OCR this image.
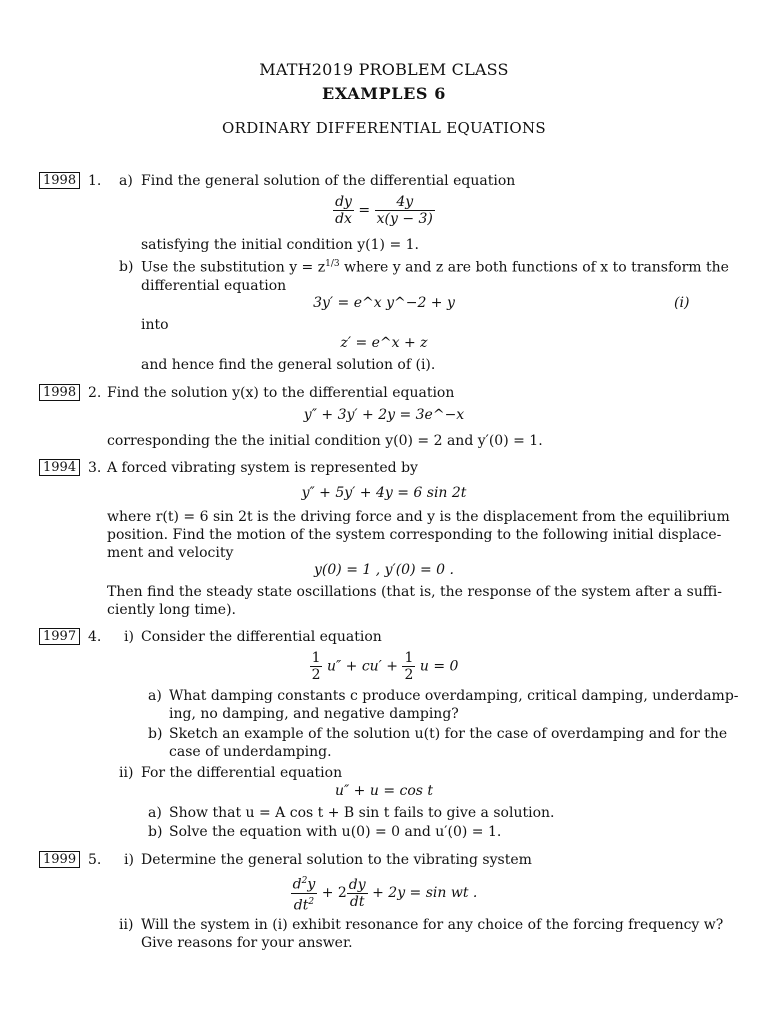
MATH2019 PROBLEM CLASS
EXAMPLES 6
ORDINARY DIFFERENTIAL EQUATIONS
1998 1. a) Find the general solution of the differential equation
$\frac{dy}{dx} = \frac{4y}{x(y - 3)}$
satisfying the initial condition y(1) = 1.
b) Use the substitution $y = z^{1/3}$ where y and z are both functions of x to transform the
differential equation
3y′ = e^x y^−2 + y	(i)
into
z′ = e^x + z
and hence find the general solution of (i).
1998 2. Find the solution y(x) to the differential equation
y″ + 3y′ + 2y = 3e^−x
corresponding the the initial condition y(0) = 2 and y′(0) = 1.
1994 3. A forced vibrating system is represented by
y″ + 5y′ + 4y = 6 sin 2t
where r(t) = 6 sin 2t is the driving force and y is the displacement from the equilibrium
position. Find the motion of the system corresponding to the following initial displace-
ment and velocity
y(0) = 1 , y′(0) = 0 .
Then find the steady state oscillations (that is, the response of the system after a suffi-
ciently long time).
1997 4. i) Consider the differential equation
$\frac{1}{2} u'' + cu' + \frac{1}{2}$ u = 0
a) What damping constants c produce overdamping, critical damping, underdamp-
ing, no damping, and negative damping?
b) Sketch an example of the solution u(t) for the case of overdamping and for the
case of underdamping.
ii) For the differential equation
u″ + u = cos t
a) Show that u = A cos t + B sin t fails to give a solution.
b) Solve the equation with u(0) = 0 and u′(0) = 1.
1999 5. i) Determine the general solution to the vibrating system
$\frac{d^2y}{dt^2} + 2 \frac{dy}{dt} + 2y = \sin$ wt .
ii) Will the system in (i) exhibit resonance for any choice of the forcing frequency w?
Give reasons for your answer.
